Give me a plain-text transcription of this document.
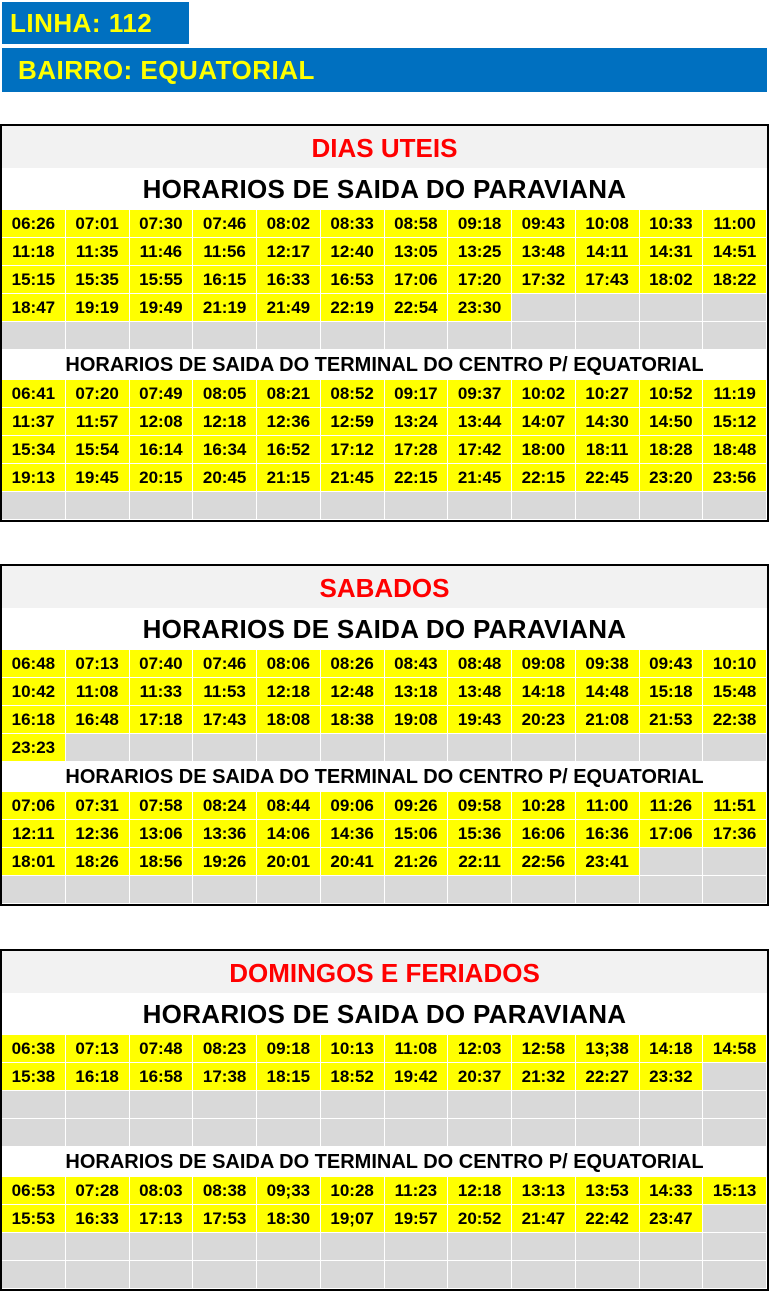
LINHA: 112
BAIRRO: EQUATORIAL
DIAS UTEIS
HORARIOS DE SAIDA DO PARAVIANA
06:26	07:01	07:30	07:46	08:02	08:33	08:58	09:18	09:43	10:08	10:33	11:00
11:18	11:35	11:46	11:56	12:17	12:40	13:05	13:25	13:48	14:11	14:31	14:51
15:15	15:35	15:55	16:15	16:33	16:53	17:06	17:20	17:32	17:43	18:02	18:22
18:47	19:19	19:49	21:19	21:49	22:19	22:54	23:30
HORARIOS DE SAIDA DO TERMINAL DO CENTRO P/ EQUATORIAL
06:41	07:20	07:49	08:05	08:21	08:52	09:17	09:37	10:02	10:27	10:52	11:19
11:37	11:57	12:08	12:18	12:36	12:59	13:24	13:44	14:07	14:30	14:50	15:12
15:34	15:54	16:14	16:34	16:52	17:12	17:28	17:42	18:00	18:11	18:28	18:48
19:13	19:45	20:15	20:45	21:15	21:45	22:15	21:45	22:15	22:45	23:20	23:56
SABADOS
HORARIOS DE SAIDA DO PARAVIANA
06:48	07:13	07:40	07:46	08:06	08:26	08:43	08:48	09:08	09:38	09:43	10:10
10:42	11:08	11:33	11:53	12:18	12:48	13:18	13:48	14:18	14:48	15:18	15:48
16:18	16:48	17:18	17:43	18:08	18:38	19:08	19:43	20:23	21:08	21:53	22:38
23:23
HORARIOS DE SAIDA DO TERMINAL DO CENTRO P/ EQUATORIAL
07:06	07:31	07:58	08:24	08:44	09:06	09:26	09:58	10:28	11:00	11:26	11:51
12:11	12:36	13:06	13:36	14:06	14:36	15:06	15:36	16:06	16:36	17:06	17:36
18:01	18:26	18:56	19:26	20:01	20:41	21:26	22:11	22:56	23:41
DOMINGOS E FERIADOS
HORARIOS DE SAIDA DO PARAVIANA
06:38	07:13	07:48	08:23	09:18	10:13	11:08	12:03	12:58	13;38	14:18	14:58
15:38	16:18	16:58	17:38	18:15	18:52	19:42	20:37	21:32	22:27	23:32
HORARIOS DE SAIDA DO TERMINAL DO CENTRO P/ EQUATORIAL
06:53	07:28	08:03	08:38	09;33	10:28	11:23	12:18	13:13	13:53	14:33	15:13
15:53	16:33	17:13	17:53	18:30	19;07	19:57	20:52	21:47	22:42	23:47
